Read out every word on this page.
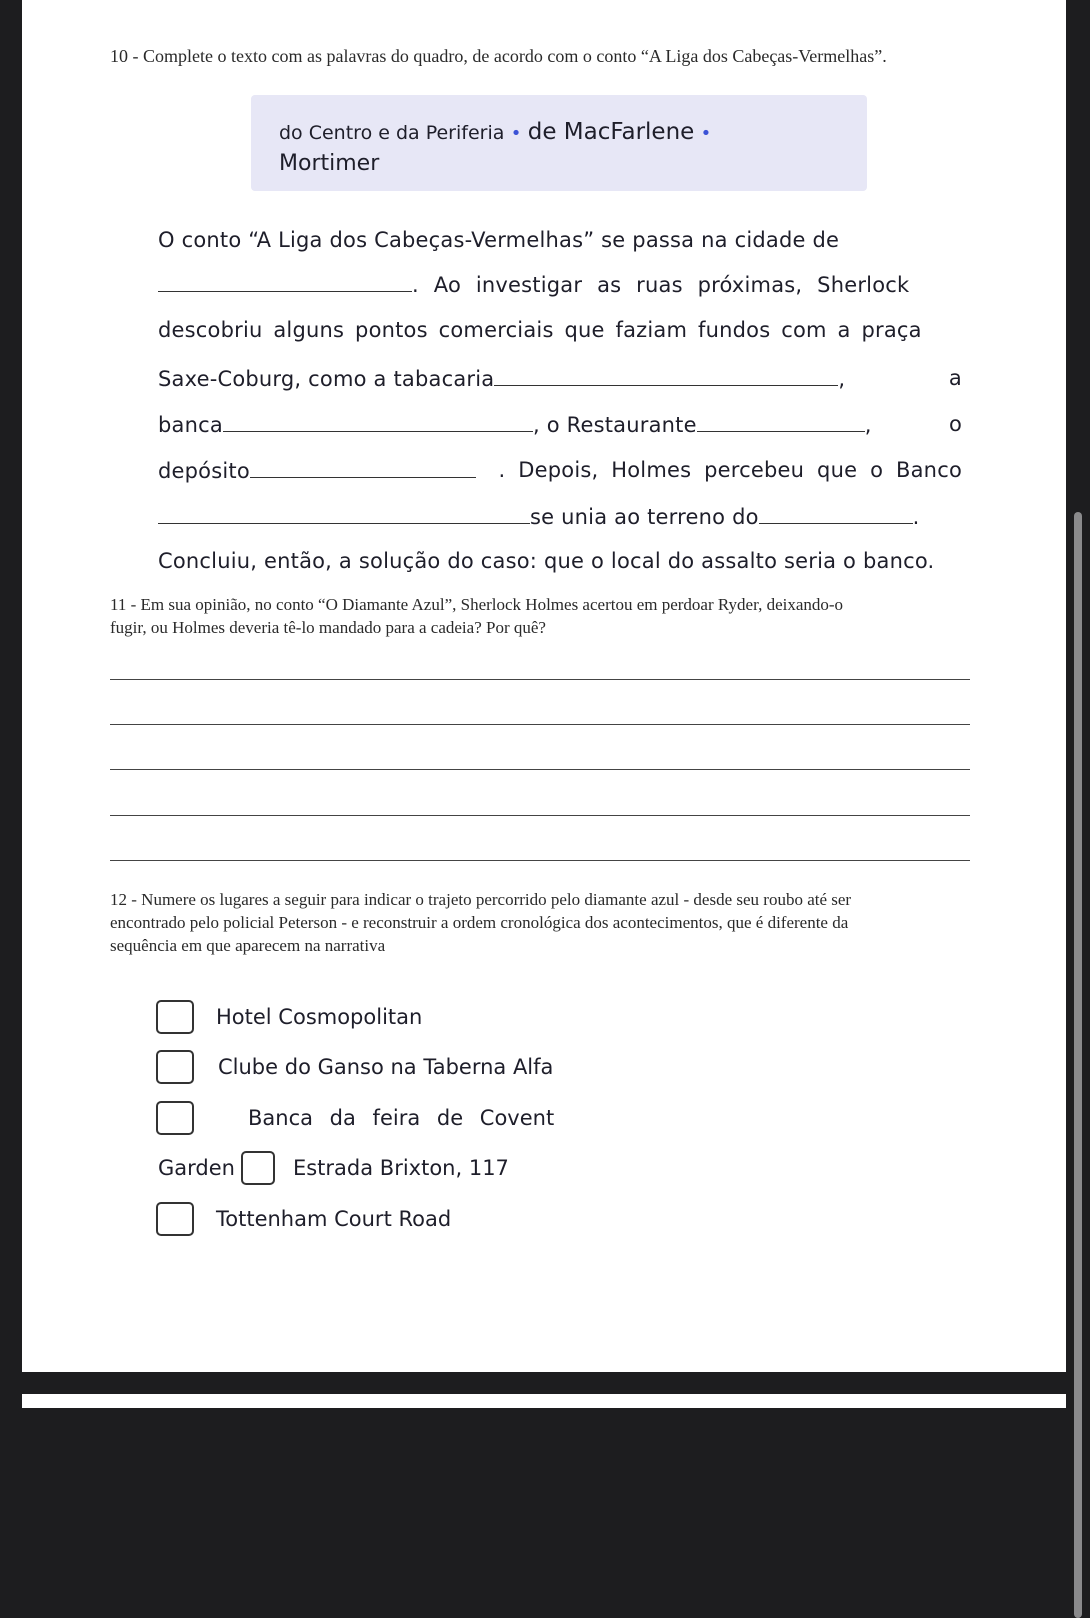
10 - Complete o texto com as palavras do quadro, de acordo com o conto “A Liga dos Cabeças-Vermelhas”.
do Centro e da Periferia • de MacFarlene •
Mortimer
O conto “A Liga dos Cabeças-Vermelhas” se passa na cidade de
. Ao investigar as ruas próximas, Sherlock
descobriu alguns pontos comerciais que faziam fundos com a praça
Saxe-Coburg, como a tabacaria	,	a
banca	, o Restaurante	,	o
depósito	. Depois, Holmes percebeu que o Banco
se unia ao terreno do	.
Concluiu, então, a solução do caso: que o local do assalto seria o banco.
11 - Em sua opinião, no conto “O Diamante Azul”, Sherlock Holmes acertou em perdoar Ryder, deixando-o
fugir, ou Holmes deveria tê-lo mandado para a cadeia? Por quê?
12 - Numere os lugares a seguir para indicar o trajeto percorrido pelo diamante azul - desde seu roubo até ser
encontrado pelo policial Peterson - e reconstruir a ordem cronológica dos acontecimentos, que é diferente da
sequência em que aparecem na narrativa
Hotel Cosmopolitan
Clube do Ganso na Taberna Alfa
Banca da feira de Covent
Garden	Estrada Brixton, 117
Tottenham Court Road
